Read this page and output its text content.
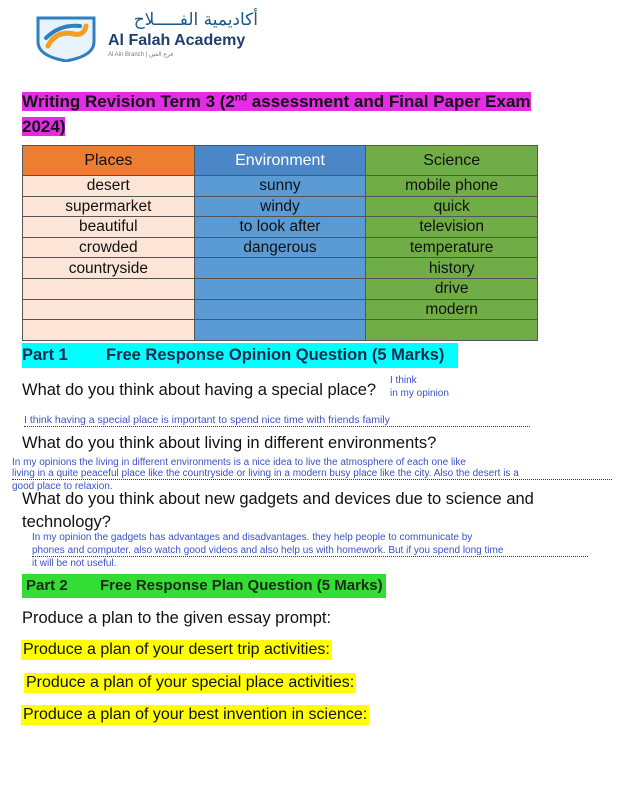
أكاديمية الفـــــلاح
Al Falah Academy
Al Ain Branch | فرع العين
Writing Revision Term 3 (2nd assessment and Final Paper Exam
2024)
Places	Environment	Science
desert	sunny	mobile phone
supermarket	windy	quick
beautiful	to look after	television
crowded	dangerous	temperature
countryside		history
		drive
		modern

Part 1 Free Response Opinion Question (5 Marks)
What do you think about having a special place?
I think
in my opinion
I think having a special place is important to spend nice time with friends family
What do you think about living in different environments?
In my opinions the living in different environments is a nice idea to live the atmosphere of each one like
living in a quite peaceful place like the countryside or living in a modern busy place like the city. Also the desert is a
good place to relaxion.
What do you think about new gadgets and devices due to science and
technology?
In my opinion the gadgets has advantages and disadvantages. they help people to communicate by
phones and computer. also watch good videos and also help us with homework. But if you spend long time
it will be not useful.
Part 2 Free Response Plan Question (5 Marks)
Produce a plan to the given essay prompt:
Produce a plan of your desert trip activities:
Produce a plan of your special place activities:
Produce a plan of your best invention in science:
